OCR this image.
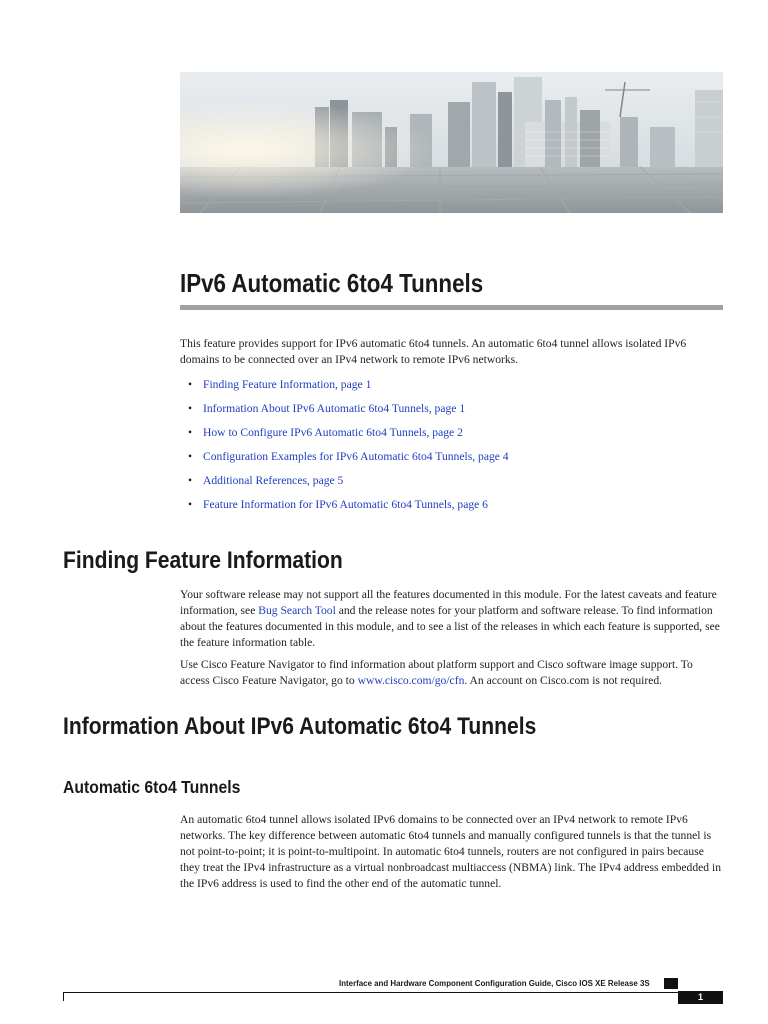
IPv6 Automatic 6to4 Tunnels

This feature provides support for IPv6 automatic 6to4 tunnels. An automatic 6to4 tunnel allows isolated IPv6 domains to be connected over an IPv4 network to remote IPv6 networks.

• Finding Feature Information, page 1
• Information About IPv6 Automatic 6to4 Tunnels, page 1
• How to Configure IPv6 Automatic 6to4 Tunnels, page 2
• Configuration Examples for IPv6 Automatic 6to4 Tunnels, page 4
• Additional References, page 5
• Feature Information for IPv6 Automatic 6to4 Tunnels, page 6
Finding Feature Information

Your software release may not support all the features documented in this module. For the latest caveats and feature information, see Bug Search Tool and the release notes for your platform and software release. To find information about the features documented in this module, and to see a list of the releases in which each feature is supported, see the feature information table.

Use Cisco Feature Navigator to find information about platform support and Cisco software image support. To access Cisco Feature Navigator, go to www.cisco.com/go/cfn. An account on Cisco.com is not required.

Information About IPv6 Automatic 6to4 Tunnels
Automatic 6to4 Tunnels

An automatic 6to4 tunnel allows isolated IPv6 domains to be connected over an IPv4 network to remote IPv6 networks. The key difference between automatic 6to4 tunnels and manually configured tunnels is that the tunnel is not point-to-point; it is point-to-multipoint. In automatic 6to4 tunnels, routers are not configured in pairs because they treat the IPv4 infrastructure as a virtual nonbroadcast multiaccess (NBMA) link. The IPv4 address embedded in the IPv6 address is used to find the other end of the automatic tunnel.

Interface and Hardware Component Configuration Guide, Cisco IOS XE Release 3S
1
